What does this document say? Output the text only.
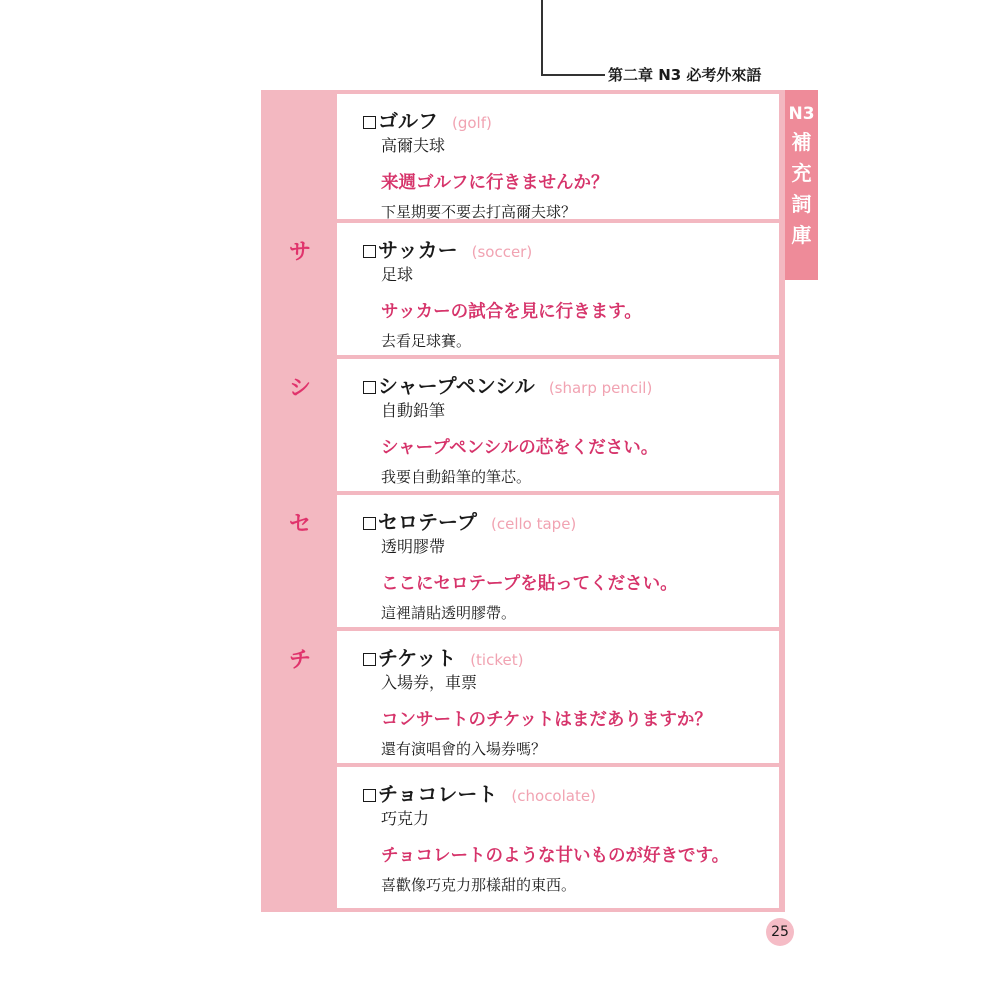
第二章 N3 必考外來語
ゴルフ (golf)
高爾夫球
来週ゴルフに行きませんか？
下星期要不要去打高爾夫球？
サ	サッカー (soccer)
足球
サッカーの試合を見に行きます。
去看足球賽。
シ	シャープペンシル (sharp pencil)
自動鉛筆
シャープペンシルの芯をください。
我要自動鉛筆的筆芯。
セ	セロテープ (cello tape)
透明膠帶
ここにセロテープを貼ってください。
這裡請貼透明膠帶。
チ	チケット (ticket)
入場券，車票
コンサートのチケットはまだありますか？
還有演唱會的入場券嗎？
チョコレート (chocolate)
巧克力
チョコレートのような甘いものが好きです。
喜歡像巧克力那樣甜的東西。
N3
補
充
詞
庫
25
